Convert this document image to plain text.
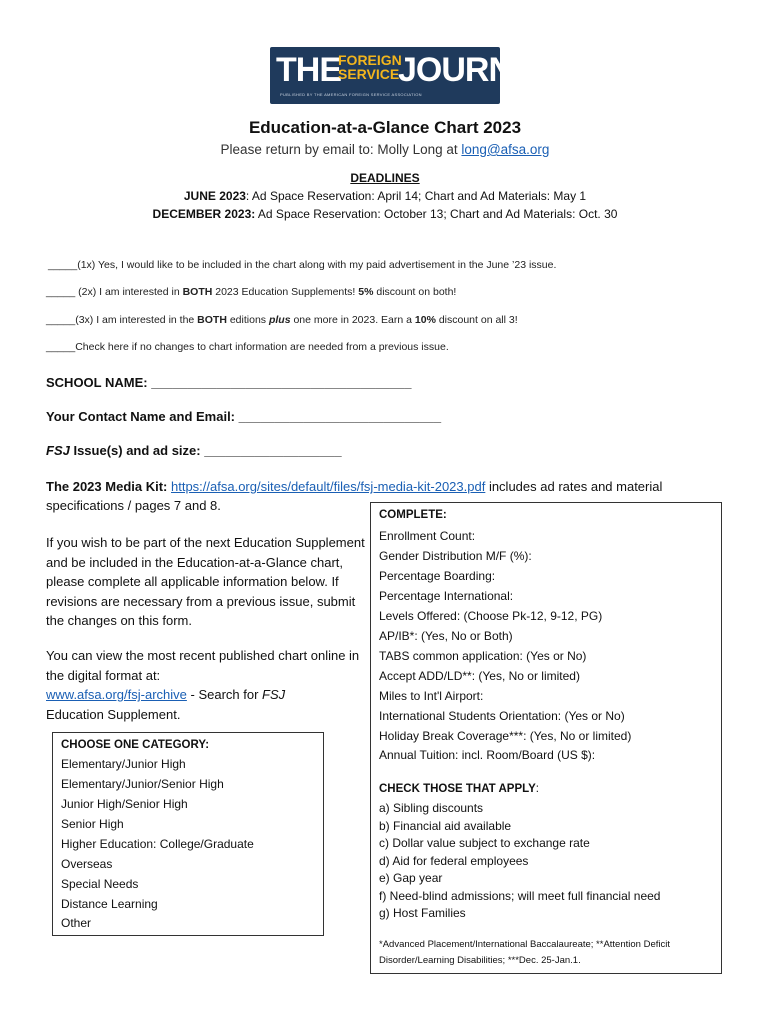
THE
FOREIGN
SERVICE
JOURNAL
PUBLISHED BY THE AMERICAN FOREIGN SERVICE ASSOCIATION
Education-at-a-Glance Chart 2023
Please return by email to: Molly Long at long@afsa.org
DEADLINES
JUNE 2023: Ad Space Reservation: April 14; Chart and Ad Materials: May 1
DECEMBER 2023: Ad Space Reservation: October 13; Chart and Ad Materials: Oct. 30
_____(1x) Yes, I would like to be included in the chart along with my paid advertisement in the June ’23 issue.
_____ (2x) I am interested in BOTH 2023 Education Supplements! 5% discount on both!
_____(3x) I am interested in the BOTH editions plus one more in 2023. Earn a 10% discount on all 3!
_____Check here if no changes to chart information are needed from a previous issue.
SCHOOL NAME: ____________________________________
Your Contact Name and Email: ____________________________
FSJ Issue(s) and ad size: ___________________
The 2023 Media Kit: https://afsa.org/sites/default/files/fsj-media-kit-2023.pdf includes ad rates and material specifications / pages 7 and 8.
If you wish to be part of the next Education Supplement and be included in the Education-at-a-Glance chart, please complete all applicable information below. If revisions are necessary from a previous issue, submit the changes on this form.
You can view the most recent published chart online in the digital format at:
www.afsa.org/fsj-archive - Search for FSJ
Education Supplement.
CHOOSE ONE CATEGORY:
Elementary/Junior High
Elementary/Junior/Senior High
Junior High/Senior High
Senior High
Higher Education: College/Graduate
Overseas
Special Needs
Distance Learning
Other
COMPLETE:
Enrollment Count:
Gender Distribution M/F (%):
Percentage Boarding:
Percentage International:
Levels Offered: (Choose Pk-12, 9-12, PG)
AP/IB*: (Yes, No or Both)
TABS common application: (Yes or No)
Accept ADD/LD**: (Yes, No or limited)
Miles to Int'l Airport:
International Students Orientation: (Yes or No)
Holiday Break Coverage***: (Yes, No or limited)
Annual Tuition: incl. Room/Board (US $):
CHECK THOSE THAT APPLY:
a) Sibling discounts
b) Financial aid available
c) Dollar value subject to exchange rate
d) Aid for federal employees
e) Gap year
f) Need-blind admissions; will meet full financial need
g) Host Families
*Advanced Placement/International Baccalaureate; **Attention Deficit Disorder/Learning Disabilities; ***Dec. 25-Jan.1.
